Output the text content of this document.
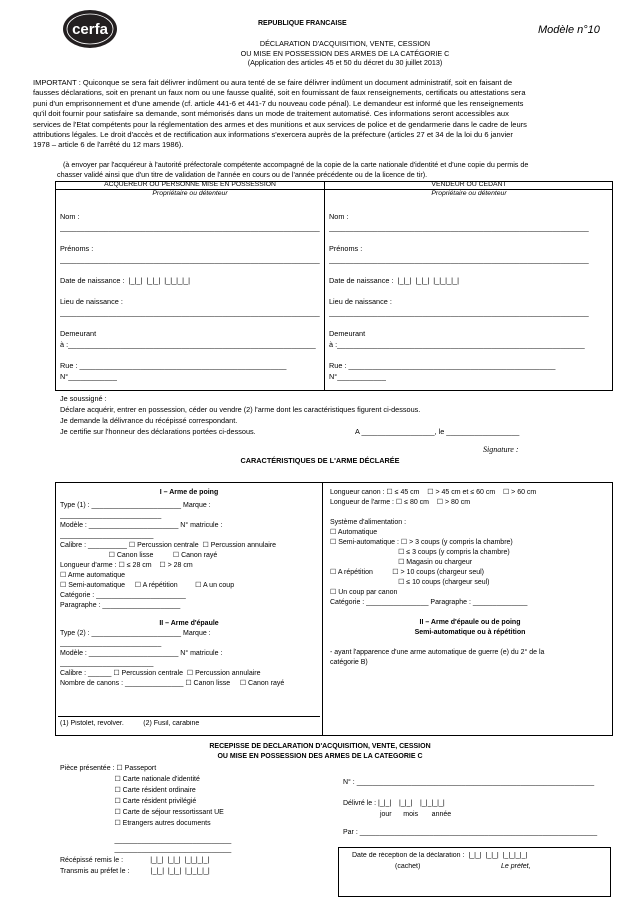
cerfa	REPUBLIQUE FRANCAISE
Modèle n°10
DÉCLARATION D'ACQUISITION, VENTE, CESSION
OU MISE EN POSSESSION DES ARMES DE LA CATÉGORIE C
(Application des articles 45 et 50 du décret du 30 juillet 2013)
IMPORTANT : Quiconque se sera fait délivrer indûment ou aura tenté de se faire délivrer indûment un document administratif, soit en faisant de
fausses déclarations, soit en prenant un faux nom ou une fausse qualité, soit en fournissant de faux renseignements, certificats ou attestations sera
puni d'un emprisonnement et d'une amende (cf. article 441-6 et 441-7 du nouveau code pénal). Le demandeur est informé que les renseignements
qu'il doit fournir pour satisfaire sa demande, sont mémorisés dans un mode de traitement automatisé. Ces informations seront accessibles aux
services de l'Etat compétents pour la réglementation des armes et des munitions et aux services de police et de gendarmerie dans le cadre de leurs
attributions légales. Le droit d'accès et de rectification aux informations s'exercera auprès de la préfecture (articles 27 et 34 de la loi du 6 janvier
1978 – article 6 de l'arrêté du 12 mars 1986).
(à envoyer par l'acquéreur à l'autorité préfectorale compétente accompagné de la copie de la carte nationale d'identité et d'une copie du permis de
chasser validé ainsi que d'un titre de validation de l'année en cours ou de l'année précédente ou de la licence de tir).
ACQUÉREUR OU PERSONNE MISE EN POSSESSION	VENDEUR OU CÉDANT
Propriétaire ou détenteur	Propriétaire ou détenteur
Nom :
________________________________________________________________
Prénoms :
________________________________________________________________
Date de naissance :  |_|_|  |_|_|  |_|_|_|_|
Lieu de naissance :
________________________________________________________________
Demeurant
à :_____________________________________________________________
Rue : ___________________________________________________
N°____________
Nom :
________________________________________________________________
Prénoms :
________________________________________________________________
Date de naissance :  |_|_|  |_|_|  |_|_|_|_|
Lieu de naissance :
________________________________________________________________
Demeurant
à :_____________________________________________________________
Rue : ___________________________________________________
N°____________
Je soussigné :
Déclare acquérir, entrer en possession, céder ou vendre (2) l'arme dont les caractéristiques figurent ci-dessous.
Je demande la délivrance du récépissé correspondant.
Je certifie sur l'honneur des déclarations portées ci-dessous.	A __________________, le __________________
Signature :
CARACTÉRISTIQUES DE L'ARME DÉCLARÉE
I – Arme de poing
Type (1) : _______________________ Marque :
__________________________
Modèle : _______________________ N° matricule :
________________________
Calibre : __________ ☐ Percussion centrale  ☐ Percussion annulaire
☐ Canon lisse          ☐ Canon rayé
Longueur d'arme : ☐ ≤ 28 cm    ☐ > 28 cm
☐ Arme automatique
☐ Semi-automatique     ☐ A répétition         ☐ A un coup
Catégorie : _______________________
Paragraphe : ____________________
II – Arme d'épaule
Type (2) : _______________________ Marque :
__________________________
Modèle : _______________________ N° matricule :
________________________
Calibre : ______ ☐ Percussion centrale  ☐ Percussion annulaire
Nombre de canons : _______________ ☐ Canon lisse     ☐ Canon rayé
(1) Pistolet, revolver.          (2) Fusil, carabine
Longueur canon : ☐ ≤ 45 cm    ☐ > 45 cm et ≤ 60 cm    ☐ > 60 cm
Longueur de l'arme : ☐ ≤ 80 cm    ☐ > 80 cm
Système d'alimentation :
☐ Automatique
☐ Semi-automatique : ☐ > 3 coups (y compris la chambre)
☐ ≤ 3 coups (y compris la chambre)
☐ Magasin ou chargeur
☐ A répétition          ☐ > 10 coups (chargeur seul)
☐ ≤ 10 coups (chargeur seul)
☐ Un coup par canon
Catégorie : ________________ Paragraphe : ______________
II – Arme d'épaule ou de poing
Semi-automatique ou à répétition
- ayant l'apparence d'une arme automatique de guerre (e) du 2° de la
catégorie B)
RECEPISSE DE DECLARATION D'ACQUISITION, VENTE, CESSION
OU MISE EN POSSESSION DES ARMES DE LA CATEGORIE C
Pièce présentée : ☐ Passeport
☐ Carte nationale d'identité
☐ Carte résident ordinaire
☐ Carte résident privilégié
☐ Carte de séjour ressortissant UE
☐ Etrangers autres documents
______________________________
______________________________
Récépissé remis le :              |_|_|  |_|_|  |_|_|_|_|
Transmis au préfet le :           |_|_|  |_|_|  |_|_|_|_|
N° : _____________________________________________________________
Délivré le : |_|_|    |_|_|    |_|_|_|_|
jour      mois       année
Par : _____________________________________________________________
Date de réception de la déclaration :  |_|_|  |_|_|  |_|_|_|_|
(cachet)	Le préfet,
